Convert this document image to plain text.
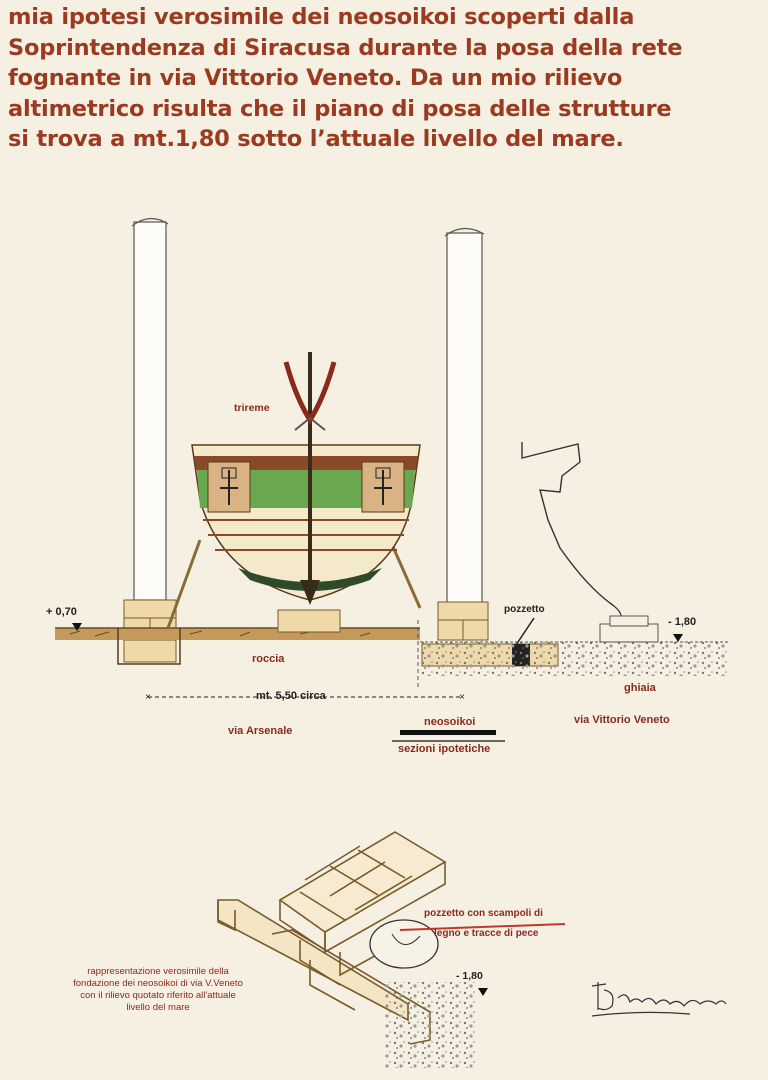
mia ipotesi verosimile dei neosoikoi scoperti dalla
Soprintendenza di Siracusa durante la posa della rete
fognante in via Vittorio Veneto. Da un mio rilievo
altimetrico risulta che il piano di posa delle strutture
si trova a mt.1,80 sotto l’attuale livello del mare.
×	×
trireme
+ 0,70
- 1,80
pozzetto
roccia
ghiaia
mt. 5,50 circa
via Arsenale
neosoikoi
sezioni ipotetiche
via Vittorio Veneto
pozzetto con scampoli di
legno e tracce di pece
- 1,80
rappresentazione verosimile della
fondazione dei neosoikoi di via V.Veneto
con il rilievo quotato riferito all'attuale
livello del mare
